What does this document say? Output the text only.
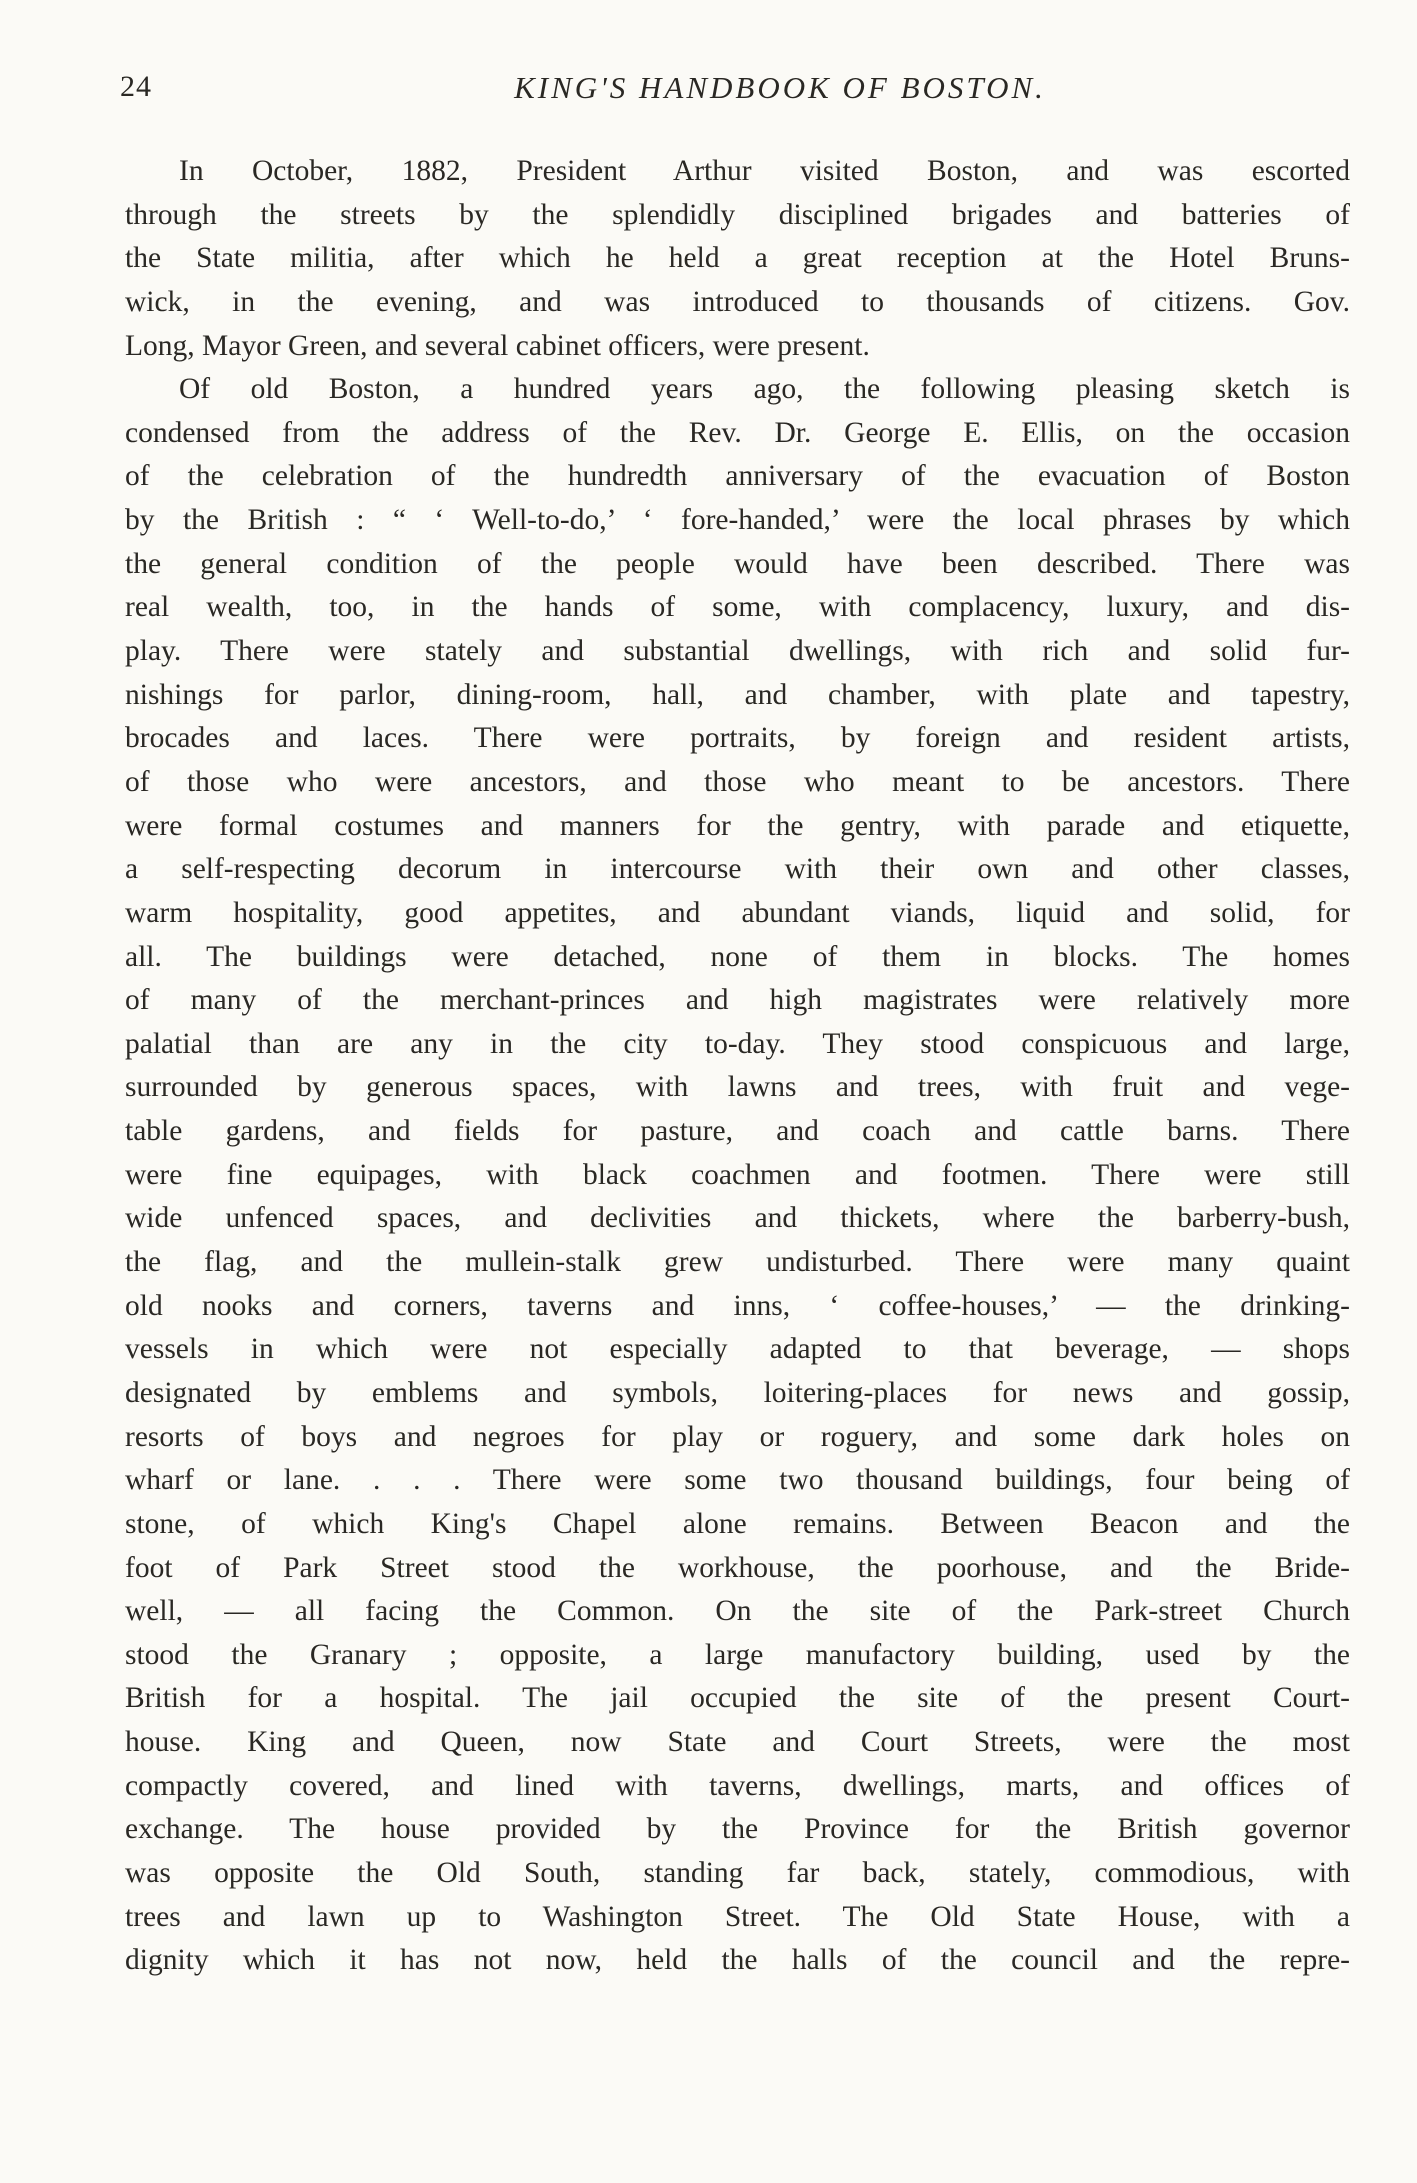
24	KING'S HANDBOOK OF BOSTON.
In October, 1882, President Arthur visited Boston, and was escorted
through the streets by the splendidly disciplined brigades and batteries of
the State militia, after which he held a great reception at the Hotel Bruns-
wick, in the evening, and was introduced to thousands of citizens. Gov.
Long, Mayor Green, and several cabinet officers, were present.
Of old Boston, a hundred years ago, the following pleasing sketch is
condensed from the address of the Rev. Dr. George E. Ellis, on the occasion
of the celebration of the hundredth anniversary of the evacuation of Boston
by the British : “ ‘ Well-to-do,’ ‘ fore-handed,’ were the local phrases by which
the general condition of the people would have been described. There was
real wealth, too, in the hands of some, with complacency, luxury, and dis-
play. There were stately and substantial dwellings, with rich and solid fur-
nishings for parlor, dining-room, hall, and chamber, with plate and tapestry,
brocades and laces. There were portraits, by foreign and resident artists,
of those who were ancestors, and those who meant to be ancestors. There
were formal costumes and manners for the gentry, with parade and etiquette,
a self-respecting decorum in intercourse with their own and other classes,
warm hospitality, good appetites, and abundant viands, liquid and solid, for
all. The buildings were detached, none of them in blocks. The homes
of many of the merchant-princes and high magistrates were relatively more
palatial than are any in the city to-day. They stood conspicuous and large,
surrounded by generous spaces, with lawns and trees, with fruit and vege-
table gardens, and fields for pasture, and coach and cattle barns. There
were fine equipages, with black coachmen and footmen. There were still
wide unfenced spaces, and declivities and thickets, where the barberry-bush,
the flag, and the mullein-stalk grew undisturbed. There were many quaint
old nooks and corners, taverns and inns, ‘ coffee-houses,’ — the drinking-
vessels in which were not especially adapted to that beverage, — shops
designated by emblems and symbols, loitering-places for news and gossip,
resorts of boys and negroes for play or roguery, and some dark holes on
wharf or lane. . . . There were some two thousand buildings, four being of
stone, of which King's Chapel alone remains. Between Beacon and the
foot of Park Street stood the workhouse, the poorhouse, and the Bride-
well, — all facing the Common. On the site of the Park-street Church
stood the Granary ; opposite, a large manufactory building, used by the
British for a hospital. The jail occupied the site of the present Court-
house. King and Queen, now State and Court Streets, were the most
compactly covered, and lined with taverns, dwellings, marts, and offices of
exchange. The house provided by the Province for the British governor
was opposite the Old South, standing far back, stately, commodious, with
trees and lawn up to Washington Street. The Old State House, with a
dignity which it has not now, held the halls of the council and the repre-
